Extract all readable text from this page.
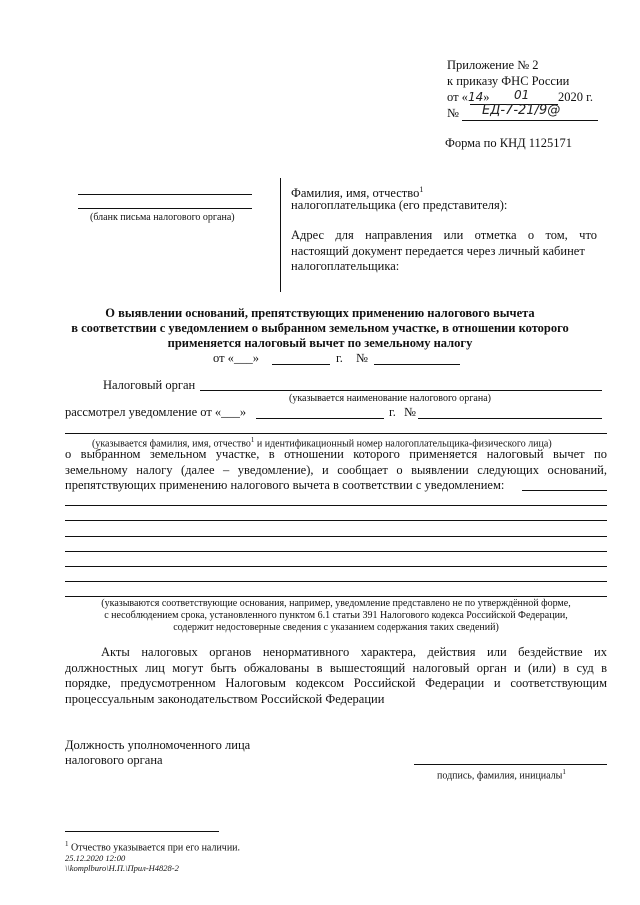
Приложение № 2
к приказу ФНС России
от «14» 01 2020 г.
№ ЕД-7-21/9@
Форма по КНД 1125171
(бланк письма налогового органа)
Фамилия, имя, отчество$^1$
налогоплательщика (его представителя):
Адрес для направления или отметка о том, что
настоящий документ передается через личный кабинет
налогоплательщика:
О выявлении оснований, препятствующих применению налогового вычета
в соответствии с уведомлением о выбранном земельном участке, в отношении которого
применяется налоговый вычет по земельному налогу
от «___»	г. №
Налоговый орган
(указывается наименование налогового органа)
рассмотрел уведомление от «___»	г. №
(указывается фамилия, имя, отчество$^1$ и идентификационный номер налогоплательщика-физического лица)
о выбранном земельном участке, в отношении которого применяется налоговый вычет по
земельному налогу (далее – уведомление), и сообщает о выявлении следующих оснований,
препятствующих применению налогового вычета в соответствии с уведомлением:
(указываются соответствующие основания, например, уведомление представлено не по утверждённой форме,
с несоблюдением срока, установленного пунктом 6.1 статьи 391 Налогового кодекса Российской Федерации,
содержит недостоверные сведения с указанием содержания таких сведений)
Акты налоговых органов ненормативного характера, действия или бездействие их
должностных лиц могут быть обжалованы в вышестоящий налоговый орган и (или) в суд в
порядке, предусмотренном Налоговым кодексом Российской Федерации и соответствующим
процессуальным законодательством Российской Федерации
Должность уполномоченного лица
налогового органа
подпись, фамилия, инициалы$^1$
$^1$ Отчество указывается при его наличии.
25.12.2020 12:00
\\komplburo\Н.П.\Прил-Н4828-2
